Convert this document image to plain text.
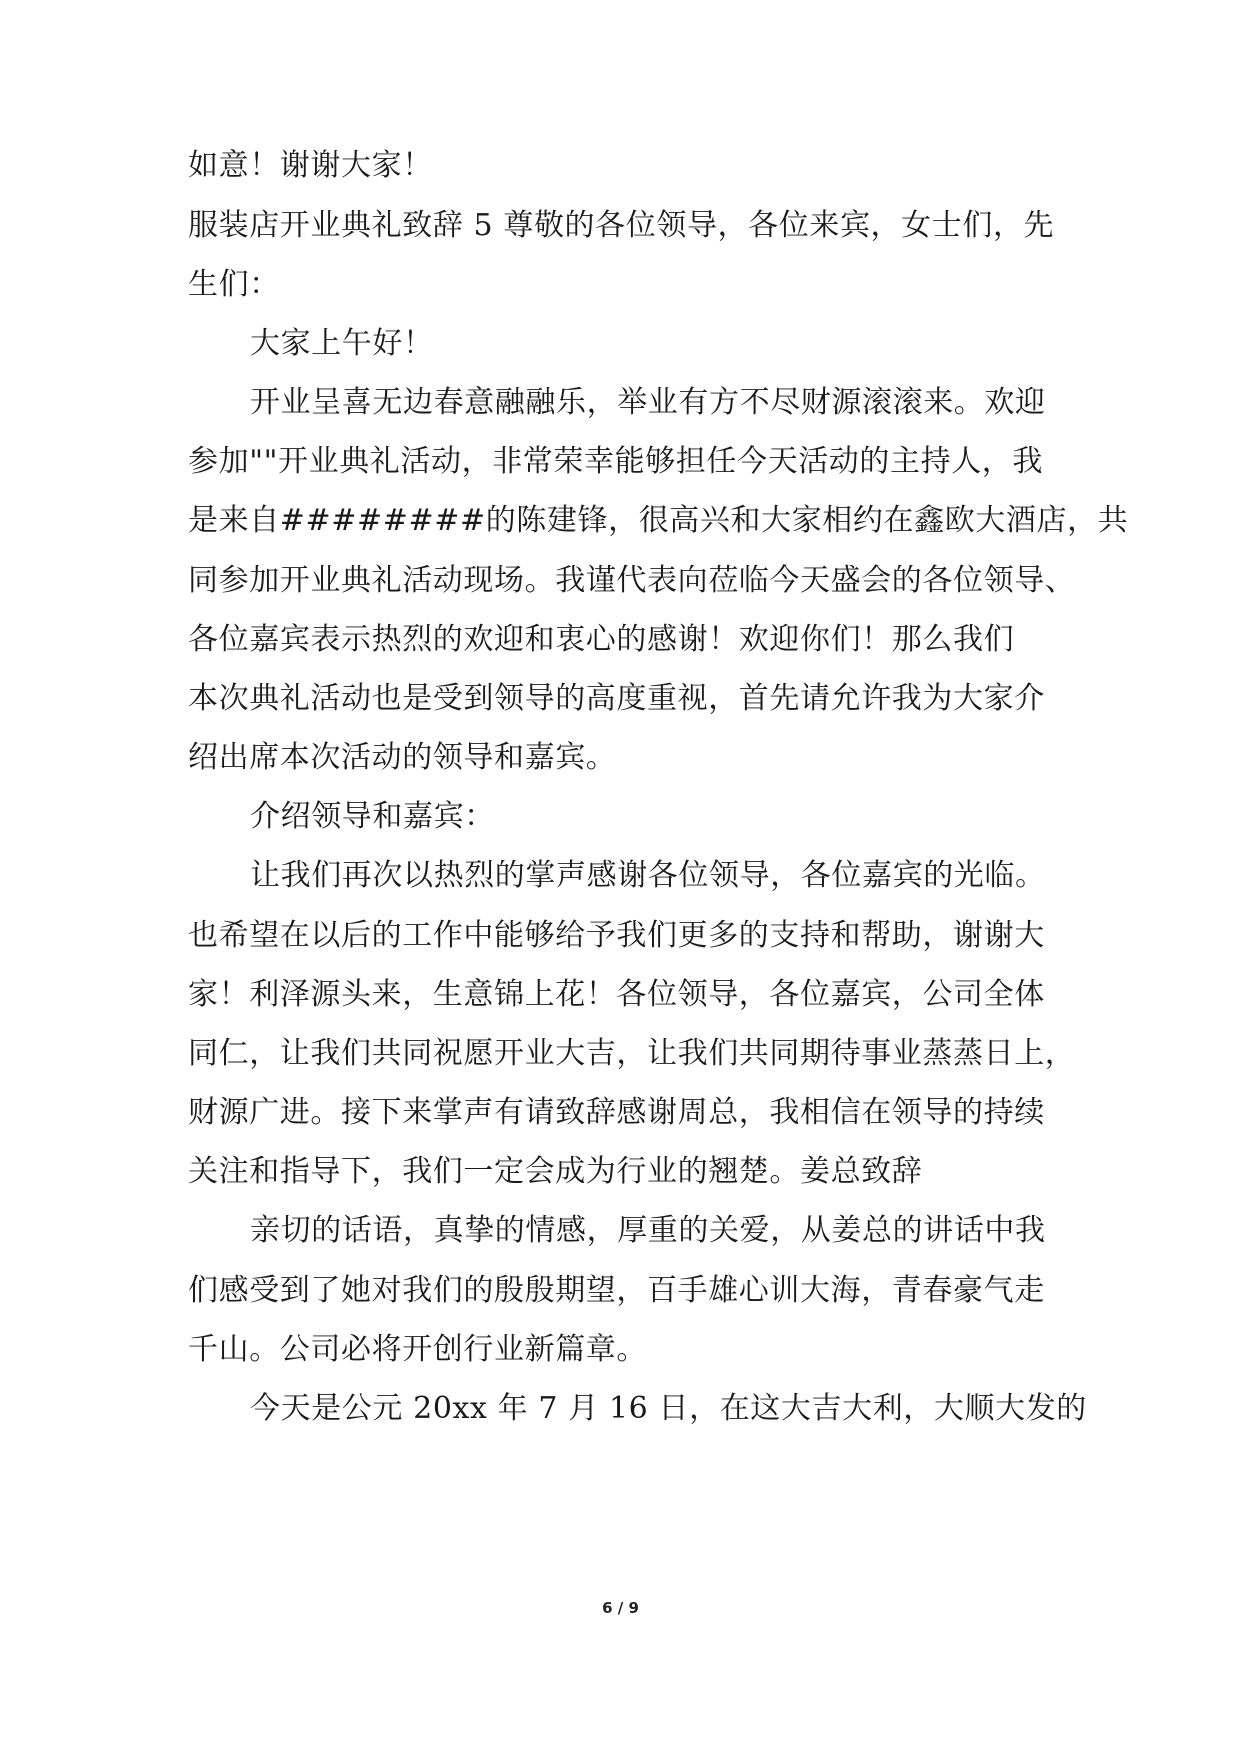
如意！谢谢大家！
服装店开业典礼致辞 5 尊敬的各位领导，各位来宾，女士们，先
生们：
大家上午好！
开业呈喜无边春意融融乐，举业有方不尽财源滚滚来。欢迎
参加""开业典礼活动，非常荣幸能够担任今天活动的主持人，我
是来自########的陈建锋，很高兴和大家相约在鑫欧大酒店，共
同参加开业典礼活动现场。我谨代表向莅临今天盛会的各位领导、
各位嘉宾表示热烈的欢迎和衷心的感谢！欢迎你们！那么我们
本次典礼活动也是受到领导的高度重视，首先请允许我为大家介
绍出席本次活动的领导和嘉宾。
介绍领导和嘉宾：
让我们再次以热烈的掌声感谢各位领导，各位嘉宾的光临。
也希望在以后的工作中能够给予我们更多的支持和帮助，谢谢大
家！利泽源头来，生意锦上花！各位领导，各位嘉宾，公司全体
同仁，让我们共同祝愿开业大吉，让我们共同期待事业蒸蒸日上，
财源广进。接下来掌声有请致辞感谢周总，我相信在领导的持续
关注和指导下，我们一定会成为行业的翘楚。姜总致辞
亲切的话语，真挚的情感，厚重的关爱，从姜总的讲话中我
们感受到了她对我们的殷殷期望，百手雄心训大海，青春豪气走
千山。公司必将开创行业新篇章。
今天是公元 20xx 年 7 月 16 日，在这大吉大利，大顺大发的
6 / 9
